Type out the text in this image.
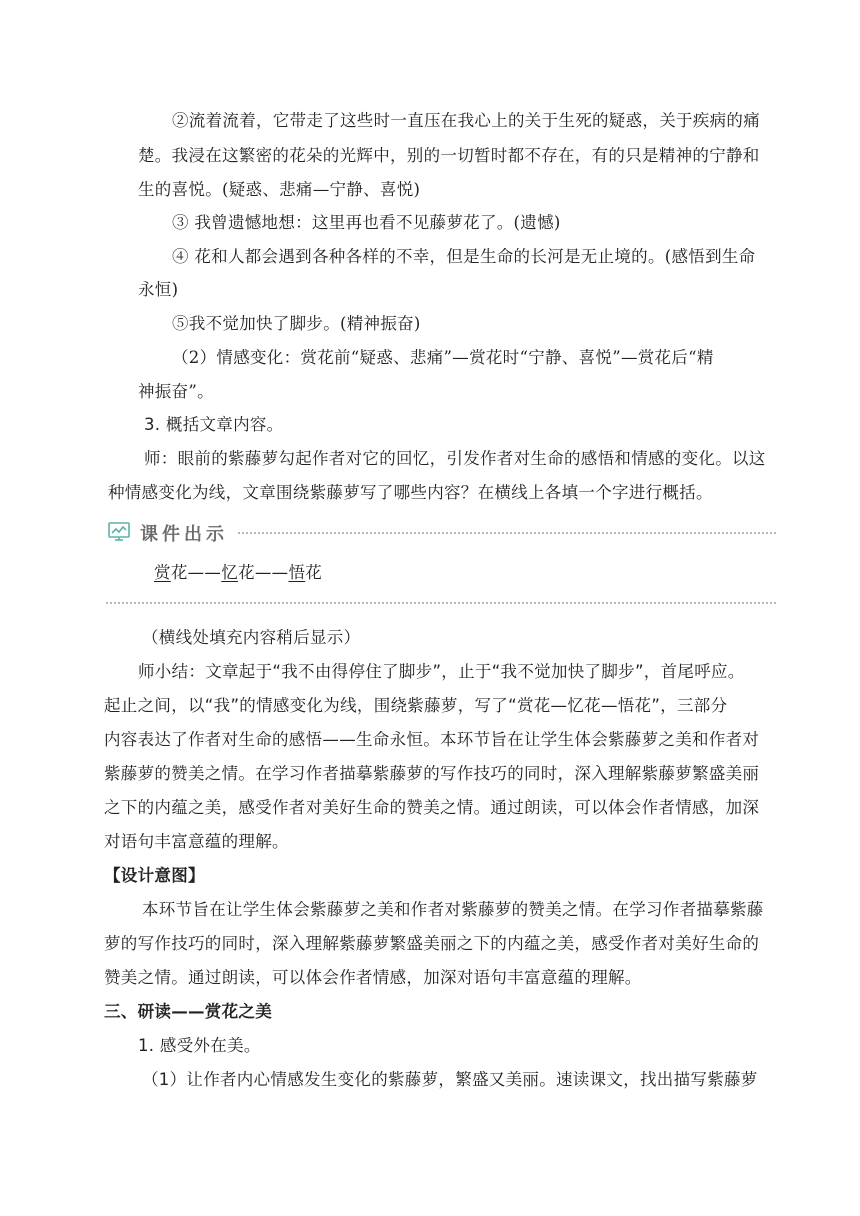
②流着流着，它带走了这些时一直压在我心上的关于生死的疑惑，关于疾病的痛
楚。我浸在这繁密的花朵的光辉中，别的一切暂时都不存在，有的只是精神的宁静和
生的喜悦。(疑惑、悲痛—宁静、喜悦)
③ 我曾遗憾地想：这里再也看不见藤萝花了。(遗憾)
④ 花和人都会遇到各种各样的不幸，但是生命的长河是无止境的。(感悟到生命
永恒)
⑤我不觉加快了脚步。(精神振奋)
（2）情感变化：赏花前“疑惑、悲痛”—赏花时“宁静、喜悦”—赏花后“精
神振奋”。
3. 概括文章内容。
师：眼前的紫藤萝勾起作者对它的回忆，引发作者对生命的感悟和情感的变化。以这
种情感变化为线，文章围绕紫藤萝写了哪些内容？在横线上各填一个字进行概括。
课件出示
赏花——忆花——悟花
（横线处填充内容稍后显示）
师小结：文章起于“我不由得停住了脚步”，止于“我不觉加快了脚步”，首尾呼应。
起止之间，以“我”的情感变化为线，围绕紫藤萝，写了“赏花—忆花—悟花”，三部分
内容表达了作者对生命的感悟——生命永恒。本环节旨在让学生体会紫藤萝之美和作者对
紫藤萝的赞美之情。在学习作者描摹紫藤萝的写作技巧的同时，深入理解紫藤萝繁盛美丽
之下的内蕴之美，感受作者对美好生命的赞美之情。通过朗读，可以体会作者情感，加深
对语句丰富意蕴的理解。
【设计意图】
本环节旨在让学生体会紫藤萝之美和作者对紫藤萝的赞美之情。在学习作者描摹紫藤
萝的写作技巧的同时，深入理解紫藤萝繁盛美丽之下的内蕴之美，感受作者对美好生命的
赞美之情。通过朗读，可以体会作者情感，加深对语句丰富意蕴的理解。
三、研读——赏花之美
1. 感受外在美。
（1）让作者内心情感发生变化的紫藤萝，繁盛又美丽。速读课文，找出描写紫藤萝
